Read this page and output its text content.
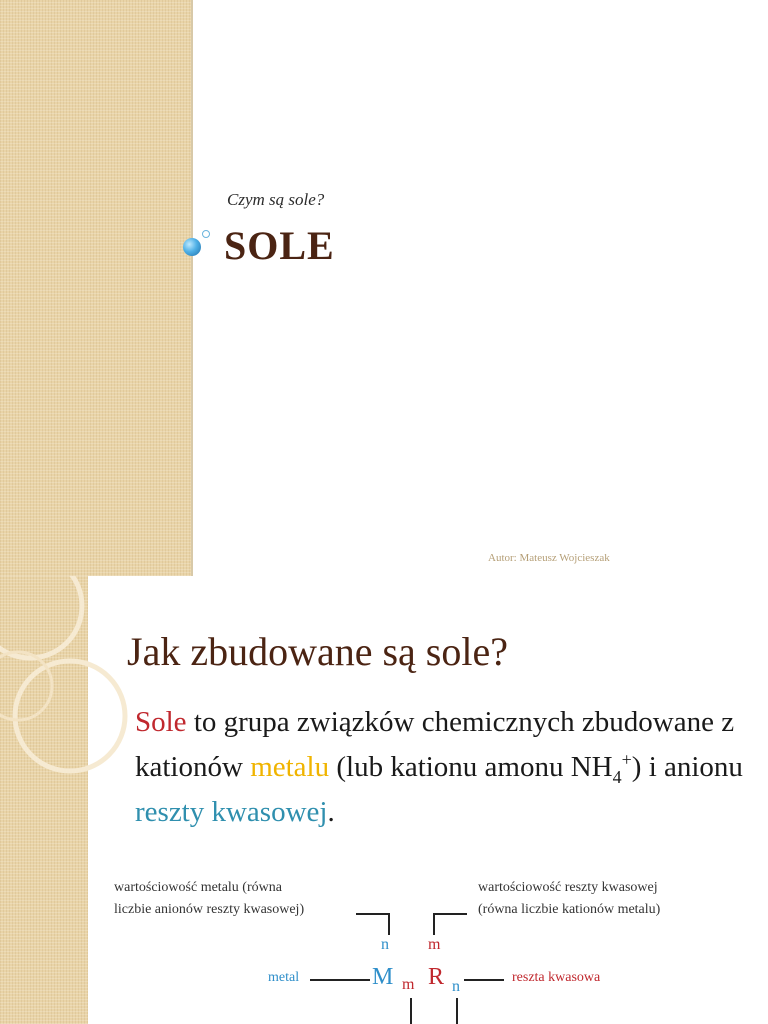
Czym są sole?

SOLE

Autor: Mateusz Wojcieszak

Jak zbudowane są sole?

Sole to grupa związków chemicznych zbudowane z kationów metalu (lub kationu amonu $NH_4^+$) i anionu reszty kwasowej.

wartościowość metalu (równa

liczbie anionów reszty kwasowej)

wartościowość reszty kwasowej

(równa liczbie kationów metalu)

n m

metal	M m R n

reszta kwasowa
